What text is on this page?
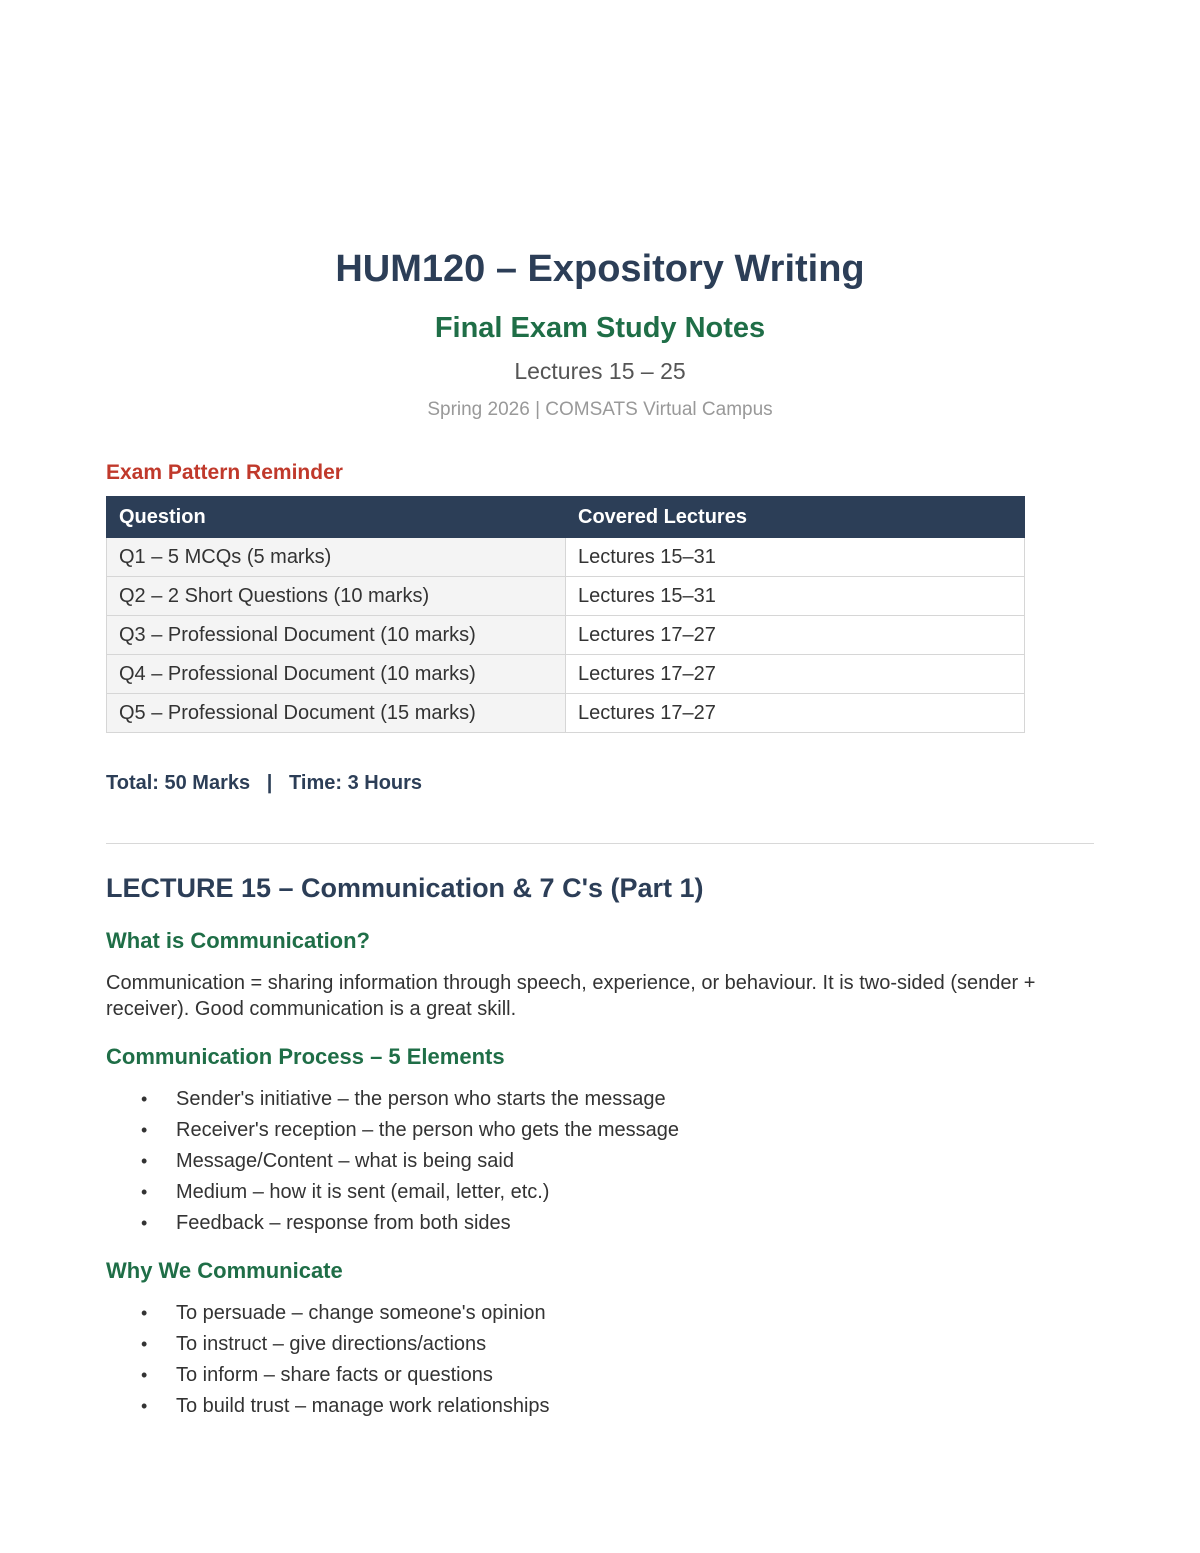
HUM120 – Expository Writing
Final Exam Study Notes
Lectures 15 – 25
Spring 2026 | COMSATS Virtual Campus
Exam Pattern Reminder
Question	Covered Lectures
Q1 – 5 MCQs (5 marks)	Lectures 15–31
Q2 – 2 Short Questions (10 marks)	Lectures 15–31
Q3 – Professional Document (10 marks)	Lectures 17–27
Q4 – Professional Document (10 marks)	Lectures 17–27
Q5 – Professional Document (15 marks)	Lectures 17–27
Total: 50 Marks   |   Time: 3 Hours
LECTURE 15 – Communication & 7 C's (Part 1)
What is Communication?
Communication = sharing information through speech, experience, or behaviour. It is two-sided (sender + receiver). Good communication is a great skill.
Communication Process – 5 Elements
• Sender's initiative – the person who starts the message
• Receiver's reception – the person who gets the message
• Message/Content – what is being said
• Medium – how it is sent (email, letter, etc.)
• Feedback – response from both sides
Why We Communicate
• To persuade – change someone's opinion
• To instruct – give directions/actions
• To inform – share facts or questions
• To build trust – manage work relationships
